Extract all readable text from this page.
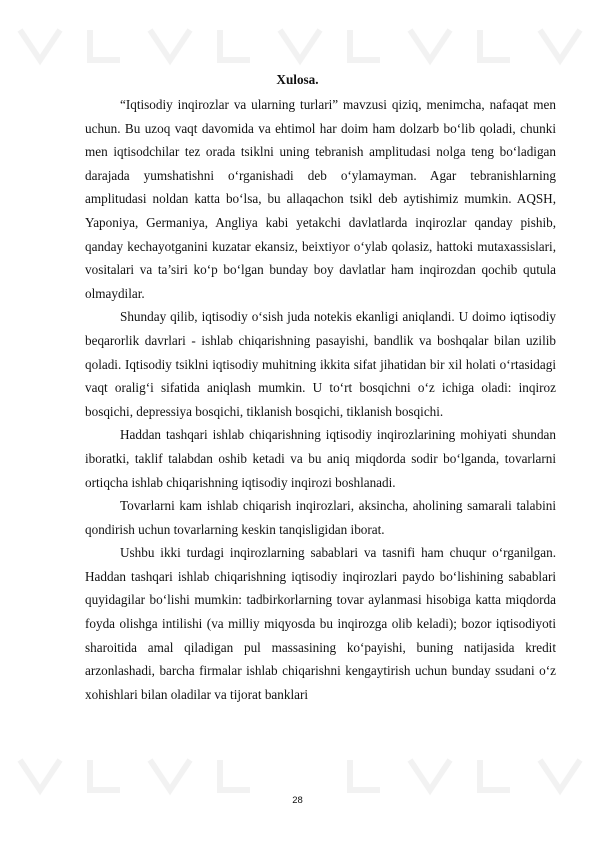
Xulosa.

“Iqtisodiy inqirozlar va ularning turlari” mavzusi qiziq, menimcha, nafaqat men uchun. Bu uzoq vaqt davomida va ehtimol har doim ham dolzarb bo‘lib qoladi, chunki men iqtisodchilar tez orada tsiklni uning tebranish amplitudasi nolga teng bo‘ladigan darajada yumshatishni o‘rganishadi deb o‘ylamayman. Agar tebranishlarning amplitudasi noldan katta bo‘lsa, bu allaqachon tsikl deb aytishimiz mumkin. AQSH, Yaponiya, Germaniya, Angliya kabi yetakchi davlatlarda inqirozlar qanday pishib, qanday kechayotganini kuzatar ekansiz, beixtiyor o‘ylab qolasiz, hattoki mutaxassislari, vositalari va ta’siri ko‘p bo‘lgan bunday boy davlatlar ham inqirozdan qochib qutula olmaydilar.

Shunday qilib, iqtisodiy o‘sish juda notekis ekanligi aniqlandi. U doimo iqtisodiy beqarorlik davrlari - ishlab chiqarishning pasayishi, bandlik va boshqalar bilan uzilib qoladi. Iqtisodiy tsiklni iqtisodiy muhitning ikkita sifat jihatidan bir xil holati o‘rtasidagi vaqt oralig‘i sifatida aniqlash mumkin. U to‘rt bosqichni o‘z ichiga oladi: inqiroz bosqichi, depressiya bosqichi, tiklanish bosqichi, tiklanish bosqichi.

Haddan tashqari ishlab chiqarishning iqtisodiy inqirozlarining mohiyati shundan iboratki, taklif talabdan oshib ketadi va bu aniq miqdorda sodir bo‘lganda, tovarlarni ortiqcha ishlab chiqarishning iqtisodiy inqirozi boshlanadi.

Tovarlarni kam ishlab chiqarish inqirozlari, aksincha, aholining samarali talabini qondirish uchun tovarlarning keskin tanqisligidan iborat.

Ushbu ikki turdagi inqirozlarning sabablari va tasnifi ham chuqur o‘rganilgan. Haddan tashqari ishlab chiqarishning iqtisodiy inqirozlari paydo bo‘lishining sabablari quyidagilar bo‘lishi mumkin: tadbirkorlarning tovar aylanmasi hisobiga katta miqdorda foyda olishga intilishi (va milliy miqyosda bu inqirozga olib keladi); bozor iqtisodiyoti sharoitida amal qiladigan pul massasining ko‘payishi, buning natijasida kredit arzonlashadi, barcha firmalar ishlab chiqarishni kengaytirish uchun bunday ssudani o‘z xohishlari bilan oladilar va tijorat banklari

28
